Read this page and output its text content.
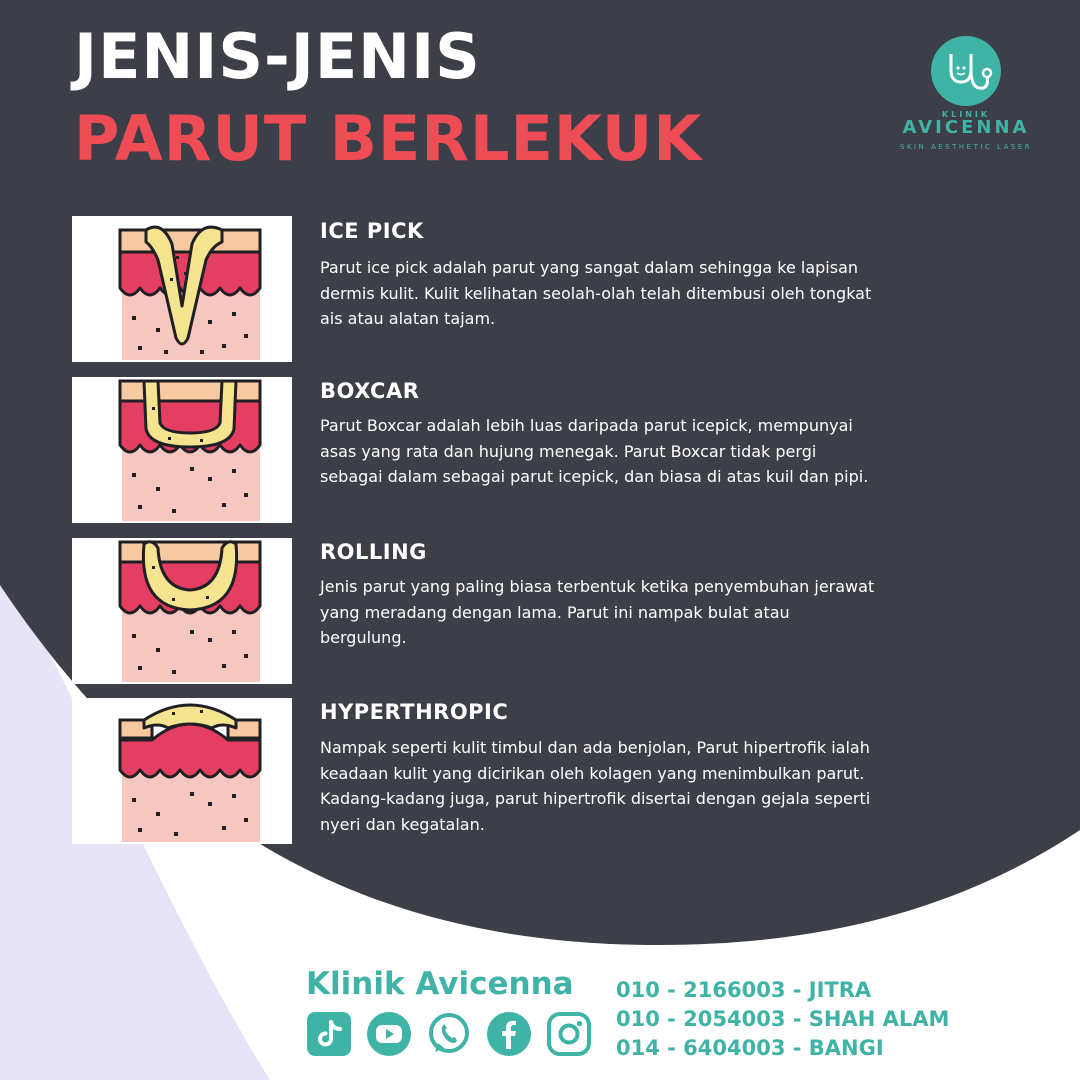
JENIS-JENIS
PARUT BERLEKUK	KLINIK
AVICENNA
SKIN AESTHETIC LASER
ICE PICK

Parut ice pick adalah parut yang sangat dalam sehingga ke lapisan dermis kulit. Kulit kelihatan seolah-olah telah ditembusi oleh tongkat ais atau alatan tajam.

BOXCAR

Parut Boxcar adalah lebih luas daripada parut icepick, mempunyai asas yang rata dan hujung menegak. Parut Boxcar tidak pergi sebagai dalam sebagai parut icepick, dan biasa di atas kuil dan pipi.

ROLLING

Jenis parut yang paling biasa terbentuk ketika penyembuhan jerawat yang meradang dengan lama. Parut ini nampak bulat atau bergulung.

HYPERTHROPIC

Nampak seperti kulit timbul dan ada benjolan, Parut hipertrofik ialah keadaan kulit yang dicirikan oleh kolagen yang menimbulkan parut. Kadang-kadang juga, parut hipertrofik disertai dengan gejala seperti nyeri dan kegatalan.

Klinik Avicenna 010 - 2166003 - JITRA
010 - 2054003 - SHAH ALAM
014 - 6404003 - BANGI
